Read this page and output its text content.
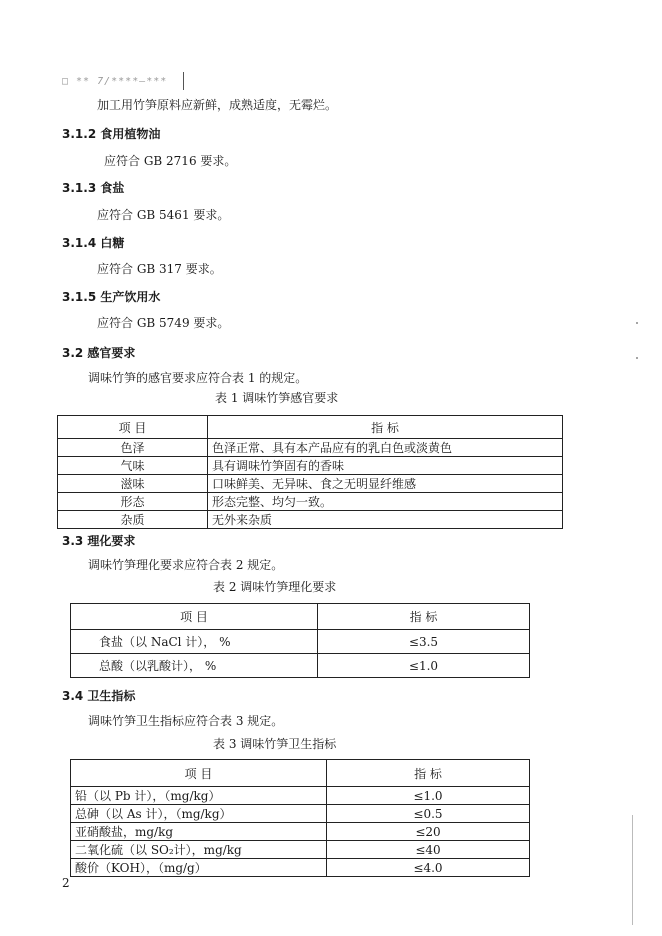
□ ** 7/****—***
加工用竹笋原料应新鲜，成熟适度，无霉烂。
3.1.2 食用植物油
应符合 GB 2716 要求。
3.1.3 食盐
应符合 GB 5461 要求。
3.1.4 白糖
应符合 GB 317 要求。
3.1.5 生产饮用水
应符合 GB 5749 要求。
3.2 感官要求
调味竹笋的感官要求应符合表 1 的规定。
表 1 调味竹笋感官要求
项 目	指 标
色泽	色泽正常、具有本产品应有的乳白色或淡黄色
气味	具有调味竹笋固有的香味
滋味	口味鲜美、无异味、食之无明显纤维感
形态	形态完整、均匀一致。
杂质	无外来杂质
3.3 理化要求
调味竹笋理化要求应符合表 2 规定。
表 2 调味竹笋理化要求
项 目	指 标
食盐（以 NaCl 计）， %	≤3.5
总酸（以乳酸计）， %	≤1.0
3.4 卫生指标
调味竹笋卫生指标应符合表 3 规定。
表 3 调味竹笋卫生指标
项 目	指 标
铅（以 Pb 计），（mg/kg）	≤1.0
总砷（以 As 计），（mg/kg）	≤0.5
亚硝酸盐，mg/kg	≤20
二氧化硫（以 SO₂计），mg/kg	≤40
酸价（KOH），（mg/g）	≤4.0
2
